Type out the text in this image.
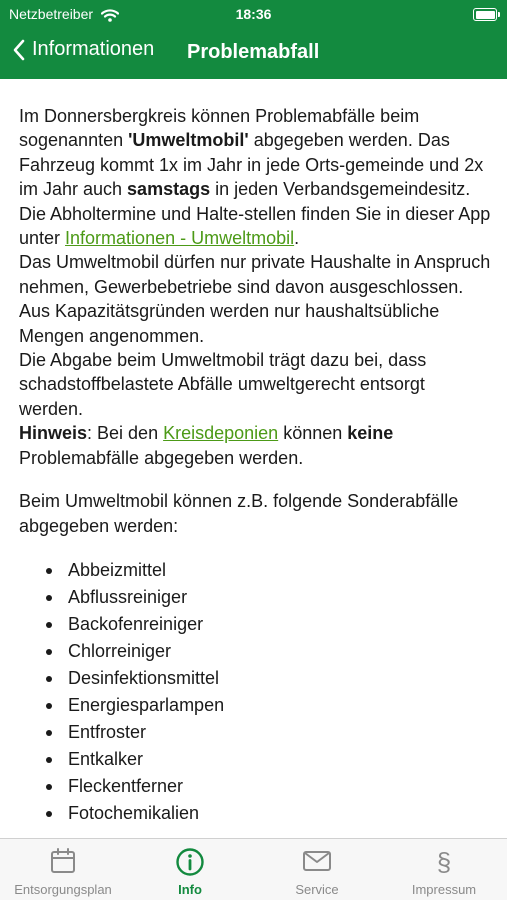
Netzbetreiber	18:36
Informationen Problemabfall

Im Donnersbergkreis können Problemabfälle beim sogenannten 'Umweltmobil' abgegeben werden. Das Fahrzeug kommt 1x im Jahr in jede Orts-gemeinde und 2x im Jahr auch samstags in jeden Verbandsgemeindesitz. Die Abholtermine und Halte-stellen finden Sie in dieser App unter Informationen - Umweltmobil.

Das Umweltmobil dürfen nur private Haushalte in Anspruch nehmen, Gewerbebetriebe sind davon ausgeschlossen. Aus Kapazitätsgründen werden nur haushaltsübliche Mengen angenommen.

Die Abgabe beim Umweltmobil trägt dazu bei, dass schadstoffbelastete Abfälle umweltgerecht entsorgt werden.

Hinweis: Bei den Kreisdeponien können keine Problemabfälle abgegeben werden.

Beim Umweltmobil können z.B. folgende Sonderabfälle abgegeben werden:

Abbeizmittel
Abflussreiniger
Backofenreiniger
Chlorreiniger
Desinfektionsmittel
Energiesparlampen
Entfroster
Entkalker
Fleckentferner
Fotochemikalien
Entsorgungsplan	Info	Service
§
Impressum
